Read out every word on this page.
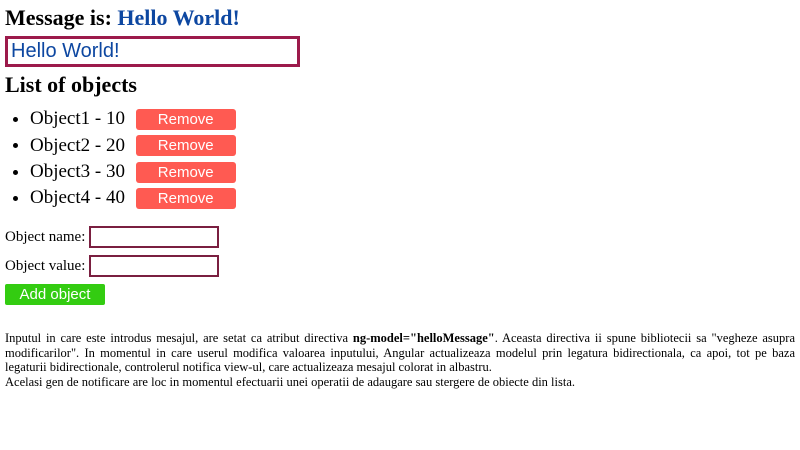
Message is: Hello World!
Hello World!
List of objects
• Object1 - 10 Remove
• Object2 - 20 Remove
• Object3 - 30 Remove
• Object4 - 40 Remove
Object name:
Object value:
Add object

Inputul in care este introdus mesajul, are setat ca atribut directiva ng-model="helloMessage". Aceasta directiva ii spune bibliotecii sa "vegheze asupra modificarilor". In momentul in care userul modifica valoarea inputului, Angular actualizeaza modelul prin legatura bidirectionala, ca apoi, tot pe baza legaturii bidirectionale, controlerul notifica view-ul, care actualizeaza mesajul colorat in albastru.

Acelasi gen de notificare are loc in momentul efectuarii unei operatii de adaugare sau stergere de obiecte din lista.
